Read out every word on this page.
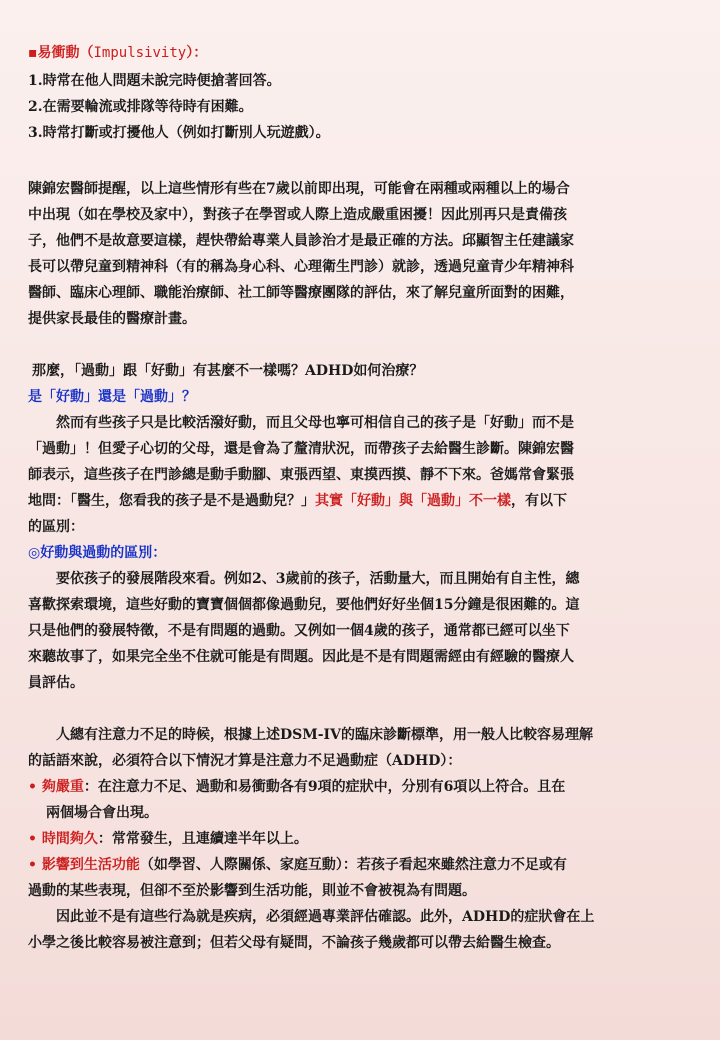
▪易衝動（Impulsivity）：

1.時常在他人問題未說完時便搶著回答。

2.在需要輪流或排隊等待時有困難。

3.時常打斷或打擾他人（例如打斷別人玩遊戲）。

陳錦宏醫師提醒，以上這些情形有些在7歲以前即出現，可能會在兩種或兩種以上的場合

中出現（如在學校及家中），對孩子在學習或人際上造成嚴重困擾！因此別再只是責備孩

子，他們不是故意要這樣，趕快帶給專業人員診治才是最正確的方法。邱顯智主任建議家

長可以帶兒童到精神科（有的稱為身心科、心理衛生門診）就診，透過兒童青少年精神科

醫師、臨床心理師、職能治療師、社工師等醫療團隊的評估，來了解兒童所面對的困難，

提供家長最佳的醫療計畫。

那麼，「過動」跟「好動」有甚麼不一樣嗎？ADHD如何治療？

是「好動」還是「過動」？

然而有些孩子只是比較活潑好動，而且父母也寧可相信自己的孩子是「好動」而不是

「過動」！但愛子心切的父母，還是會為了釐清狀況，而帶孩子去給醫生診斷。陳錦宏醫

師表示，這些孩子在門診總是動手動腳、東張西望、東摸西摸、靜不下來。爸媽常會緊張

地問：「醫生，您看我的孩子是不是過動兒？」其實「好動」與「過動」不一樣，有以下

的區別：

◎好動與過動的區別：

要依孩子的發展階段來看。例如2、3歲前的孩子，活動量大，而且開始有自主性，總

喜歡探索環境，這些好動的寶寶個個都像過動兒，要他們好好坐個15分鐘是很困難的。這

只是他們的發展特徵，不是有問題的過動。又例如一個4歲的孩子，通常都已經可以坐下

來聽故事了，如果完全坐不住就可能是有問題。因此是不是有問題需經由有經驗的醫療人

員評估。

人總有注意力不足的時候，根據上述DSM-IV的臨床診斷標準，用一般人比較容易理解

的話語來說，必須符合以下情況才算是注意力不足過動症（ADHD）：

• 夠嚴重：在注意力不足、過動和易衝動各有9項的症狀中，分別有6項以上符合。且在

兩個場合會出現。

• 時間夠久：常常發生，且連續達半年以上。

• 影響到生活功能（如學習、人際關係、家庭互動）：若孩子看起來雖然注意力不足或有

過動的某些表現，但卻不至於影響到生活功能，則並不會被視為有問題。

因此並不是有這些行為就是疾病，必須經過專業評估確認。此外，ADHD的症狀會在上

小學之後比較容易被注意到；但若父母有疑問，不論孩子幾歲都可以帶去給醫生檢查。
